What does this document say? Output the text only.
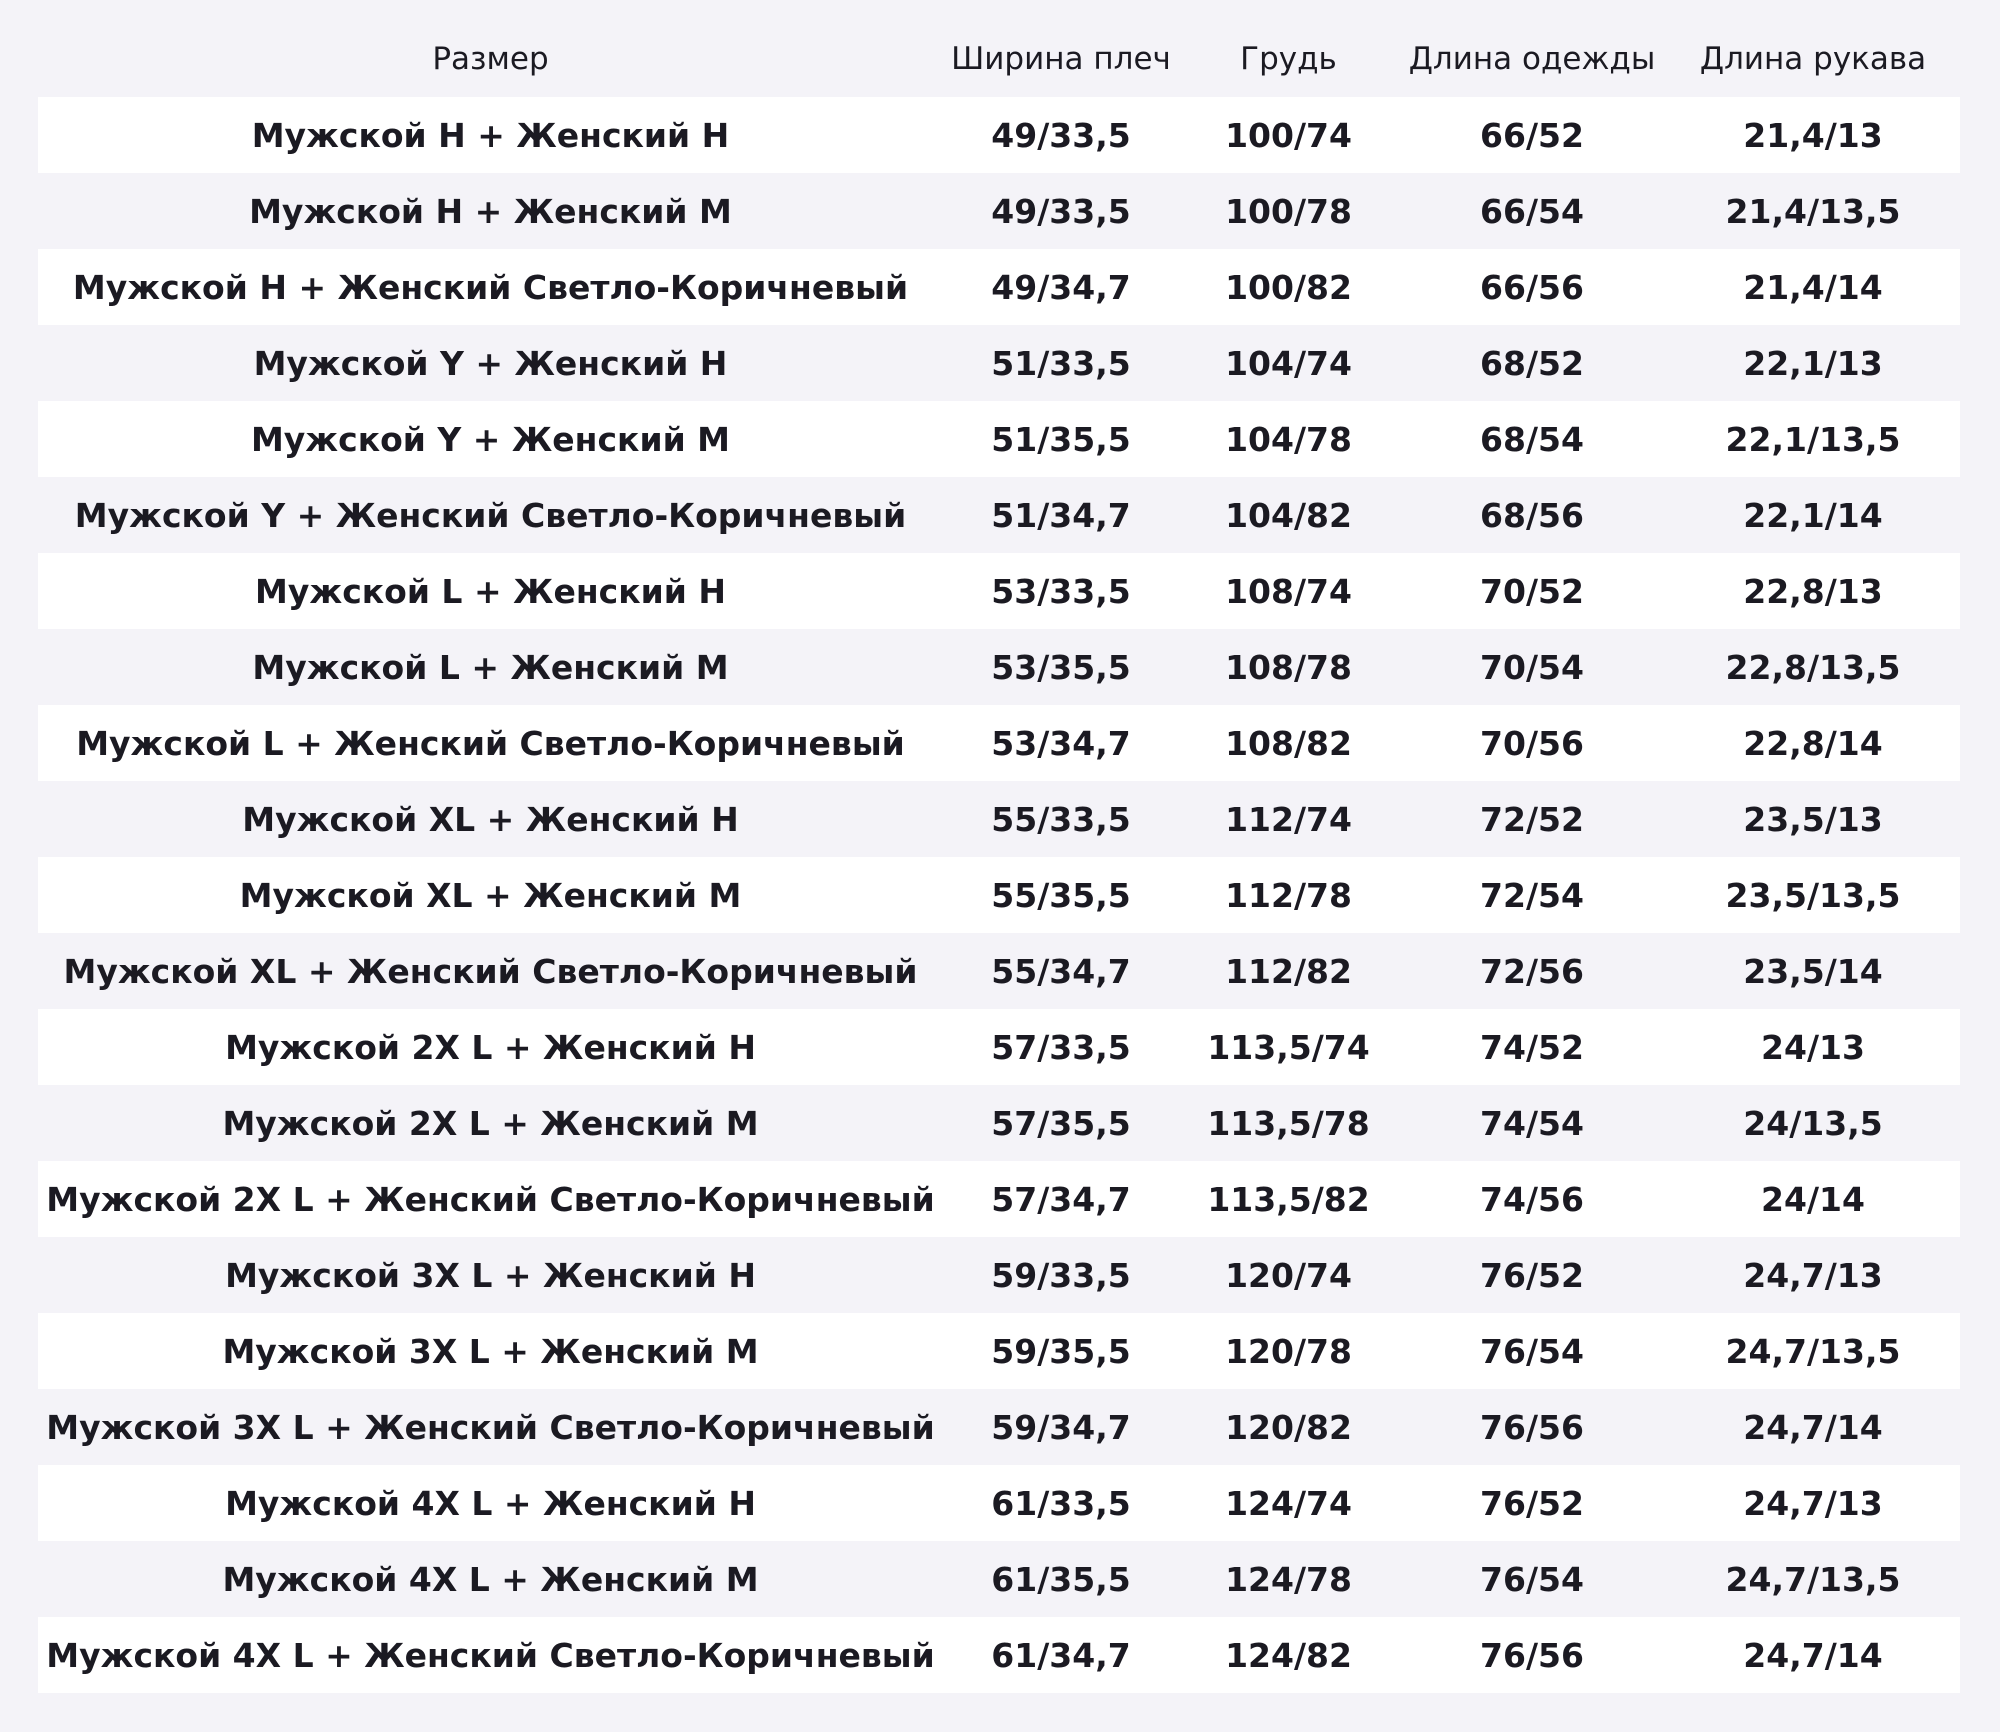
Размер	Ширина плеч	Грудь	Длина одежды	Длина рукава
Мужской H + Женский H	49/33,5	100/74	66/52	21,4/13
Мужской H + Женский M	49/33,5	100/78	66/54	21,4/13,5
Мужской H + Женский Светло-Коричневый	49/34,7	100/82	66/56	21,4/14
Мужской Y + Женский H	51/33,5	104/74	68/52	22,1/13
Мужской Y + Женский M	51/35,5	104/78	68/54	22,1/13,5
Мужской Y + Женский Светло-Коричневый	51/34,7	104/82	68/56	22,1/14
Мужской L + Женский H	53/33,5	108/74	70/52	22,8/13
Мужской L + Женский M	53/35,5	108/78	70/54	22,8/13,5
Мужской L + Женский Светло-Коричневый	53/34,7	108/82	70/56	22,8/14
Мужской XL + Женский H	55/33,5	112/74	72/52	23,5/13
Мужской XL + Женский M	55/35,5	112/78	72/54	23,5/13,5
Мужской XL + Женский Светло-Коричневый	55/34,7	112/82	72/56	23,5/14
Мужской 2X L + Женский H	57/33,5	113,5/74	74/52	24/13
Мужской 2X L + Женский M	57/35,5	113,5/78	74/54	24/13,5
Мужской 2X L + Женский Светло-Коричневый	57/34,7	113,5/82	74/56	24/14
Мужской 3X L + Женский H	59/33,5	120/74	76/52	24,7/13
Мужской 3X L + Женский M	59/35,5	120/78	76/54	24,7/13,5
Мужской 3X L + Женский Светло-Коричневый	59/34,7	120/82	76/56	24,7/14
Мужской 4X L + Женский H	61/33,5	124/74	76/52	24,7/13
Мужской 4X L + Женский M	61/35,5	124/78	76/54	24,7/13,5
Мужской 4X L + Женский Светло-Коричневый	61/34,7	124/82	76/56	24,7/14
